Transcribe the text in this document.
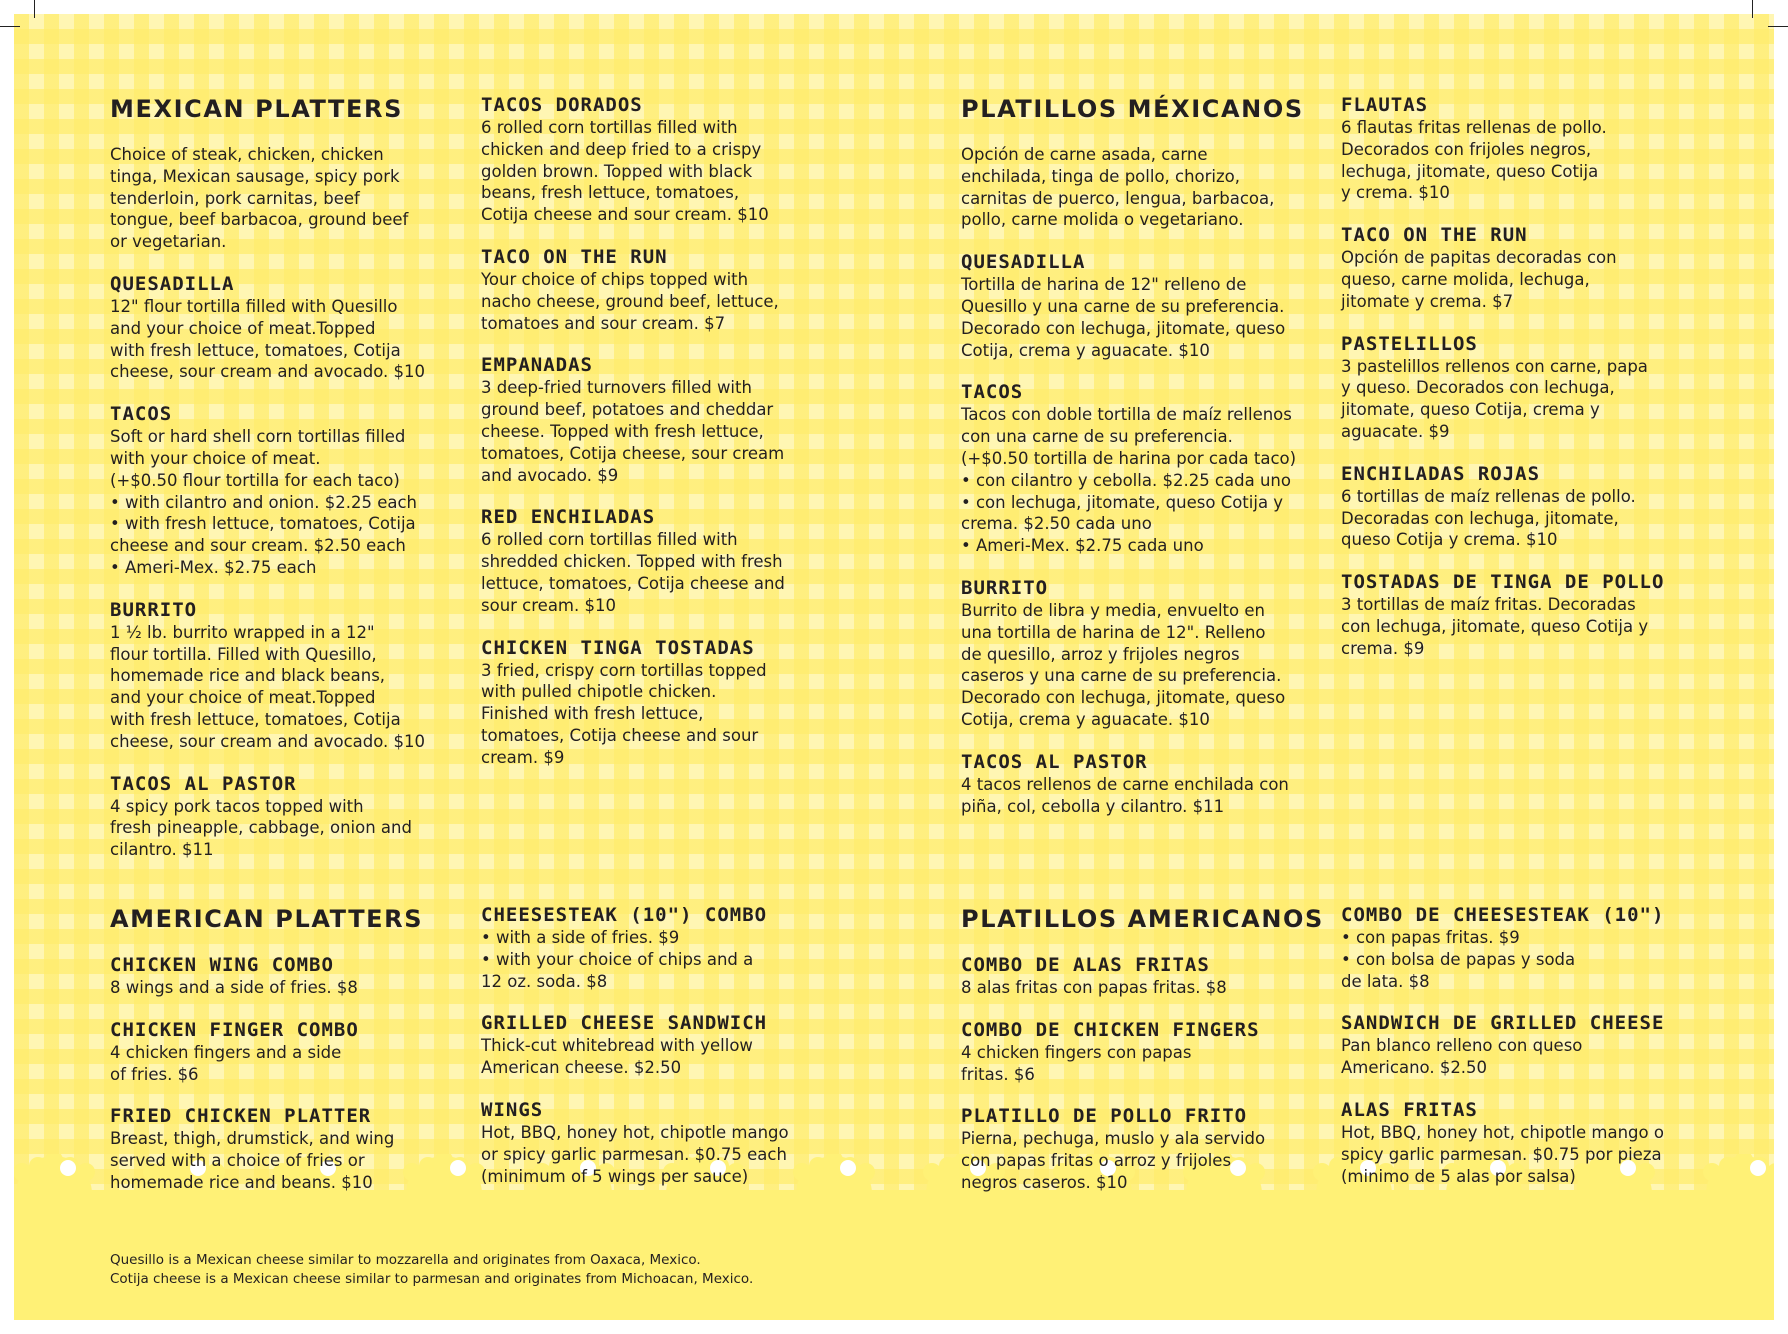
MEXICAN PLATTERS
Choice of steak, chicken, chicken
tinga, Mexican sausage, spicy pork
tenderloin, pork carnitas, beef
tongue, beef barbacoa, ground beef
or vegetarian.
QUESADILLA
12" flour tortilla filled with Quesillo
and your choice of meat.Topped
with fresh lettuce, tomatoes, Cotija
cheese, sour cream and avocado. $10
TACOS
Soft or hard shell corn tortillas filled
with your choice of meat.
(+$0.50 flour tortilla for each taco)
• with cilantro and onion. $2.25 each
• with fresh lettuce, tomatoes, Cotija
cheese and sour cream. $2.50 each
• Ameri-Mex. $2.75 each
BURRITO
1 ½ lb. burrito wrapped in a 12"
flour tortilla. Filled with Quesillo,
homemade rice and black beans,
and your choice of meat.Topped
with fresh lettuce, tomatoes, Cotija
cheese, sour cream and avocado. $10
TACOS AL PASTOR
4 spicy pork tacos topped with
fresh pineapple, cabbage, onion and
cilantro. $11
TACOS DORADOS
6 rolled corn tortillas filled with
chicken and deep fried to a crispy
golden brown. Topped with black
beans, fresh lettuce, tomatoes,
Cotija cheese and sour cream. $10
TACO ON THE RUN
Your choice of chips topped with
nacho cheese, ground beef, lettuce,
tomatoes and sour cream. $7
EMPANADAS
3 deep-fried turnovers filled with
ground beef, potatoes and cheddar
cheese. Topped with fresh lettuce,
tomatoes, Cotija cheese, sour cream
and avocado. $9
RED ENCHILADAS
6 rolled corn tortillas filled with
shredded chicken. Topped with fresh
lettuce, tomatoes, Cotija cheese and
sour cream. $10
CHICKEN TINGA TOSTADAS
3 fried, crispy corn tortillas topped
with pulled chipotle chicken.
Finished with fresh lettuce,
tomatoes, Cotija cheese and sour
cream. $9
PLATILLOS MÉXICANOS
Opción de carne asada, carne
enchilada, tinga de pollo, chorizo,
carnitas de puerco, lengua, barbacoa,
pollo, carne molida o vegetariano.
QUESADILLA
Tortilla de harina de 12" relleno de
Quesillo y una carne de su preferencia.
Decorado con lechuga, jitomate, queso
Cotija, crema y aguacate. $10
TACOS
Tacos con doble tortilla de maíz rellenos
con una carne de su preferencia.
(+$0.50 tortilla de harina por cada taco)
• con cilantro y cebolla. $2.25 cada uno
• con lechuga, jitomate, queso Cotija y
crema. $2.50 cada uno
• Ameri-Mex. $2.75 cada uno
BURRITO
Burrito de libra y media, envuelto en
una tortilla de harina de 12". Relleno
de quesillo, arroz y frijoles negros
caseros y una carne de su preferencia.
Decorado con lechuga, jitomate, queso
Cotija, crema y aguacate. $10
TACOS AL PASTOR
4 tacos rellenos de carne enchilada con
piña, col, cebolla y cilantro. $11
FLAUTAS
6 flautas fritas rellenas de pollo.
Decorados con frijoles negros,
lechuga, jitomate, queso Cotija
y crema. $10
TACO ON THE RUN
Opción de papitas decoradas con
queso, carne molida, lechuga,
jitomate y crema. $7
PASTELILLOS
3 pastelillos rellenos con carne, papa
y queso. Decorados con lechuga,
jitomate, queso Cotija, crema y
aguacate. $9
ENCHILADAS ROJAS
6 tortillas de maíz rellenas de pollo.
Decoradas con lechuga, jitomate,
queso Cotija y crema. $10
TOSTADAS DE TINGA DE POLLO
3 tortillas de maíz fritas. Decoradas
con lechuga, jitomate, queso Cotija y
crema. $9
AMERICAN PLATTERS
CHICKEN WING COMBO
8 wings and a side of fries. $8
CHICKEN FINGER COMBO
4 chicken fingers and a side
of fries. $6
FRIED CHICKEN PLATTER
Breast, thigh, drumstick, and wing
served with a choice of fries or
homemade rice and beans. $10
CHEESESTEAK (10") COMBO
• with a side of fries. $9
• with your choice of chips and a
12 oz. soda. $8
GRILLED CHEESE SANDWICH
Thick-cut whitebread with yellow
American cheese. $2.50
WINGS
Hot, BBQ, honey hot, chipotle mango
or spicy garlic parmesan. $0.75 each
(minimum of 5 wings per sauce)
PLATILLOS AMERICANOS
COMBO DE ALAS FRITAS
8 alas fritas con papas fritas. $8
COMBO DE CHICKEN FINGERS
4 chicken fingers con papas
fritas. $6
PLATILLO DE POLLO FRITO
Pierna, pechuga, muslo y ala servido
con papas fritas o arroz y frijoles
negros caseros. $10
COMBO DE CHEESESTEAK (10")
• con papas fritas. $9
• con bolsa de papas y soda
de lata. $8
SANDWICH DE GRILLED CHEESE
Pan blanco relleno con queso
Americano. $2.50
ALAS FRITAS
Hot, BBQ, honey hot, chipotle mango o
spicy garlic parmesan. $0.75 por pieza
(minimo de 5 alas por salsa)
Quesillo is a Mexican cheese similar to mozzarella and originates from Oaxaca, Mexico.
Cotija cheese is a Mexican cheese similar to parmesan and originates from Michoacan, Mexico.
